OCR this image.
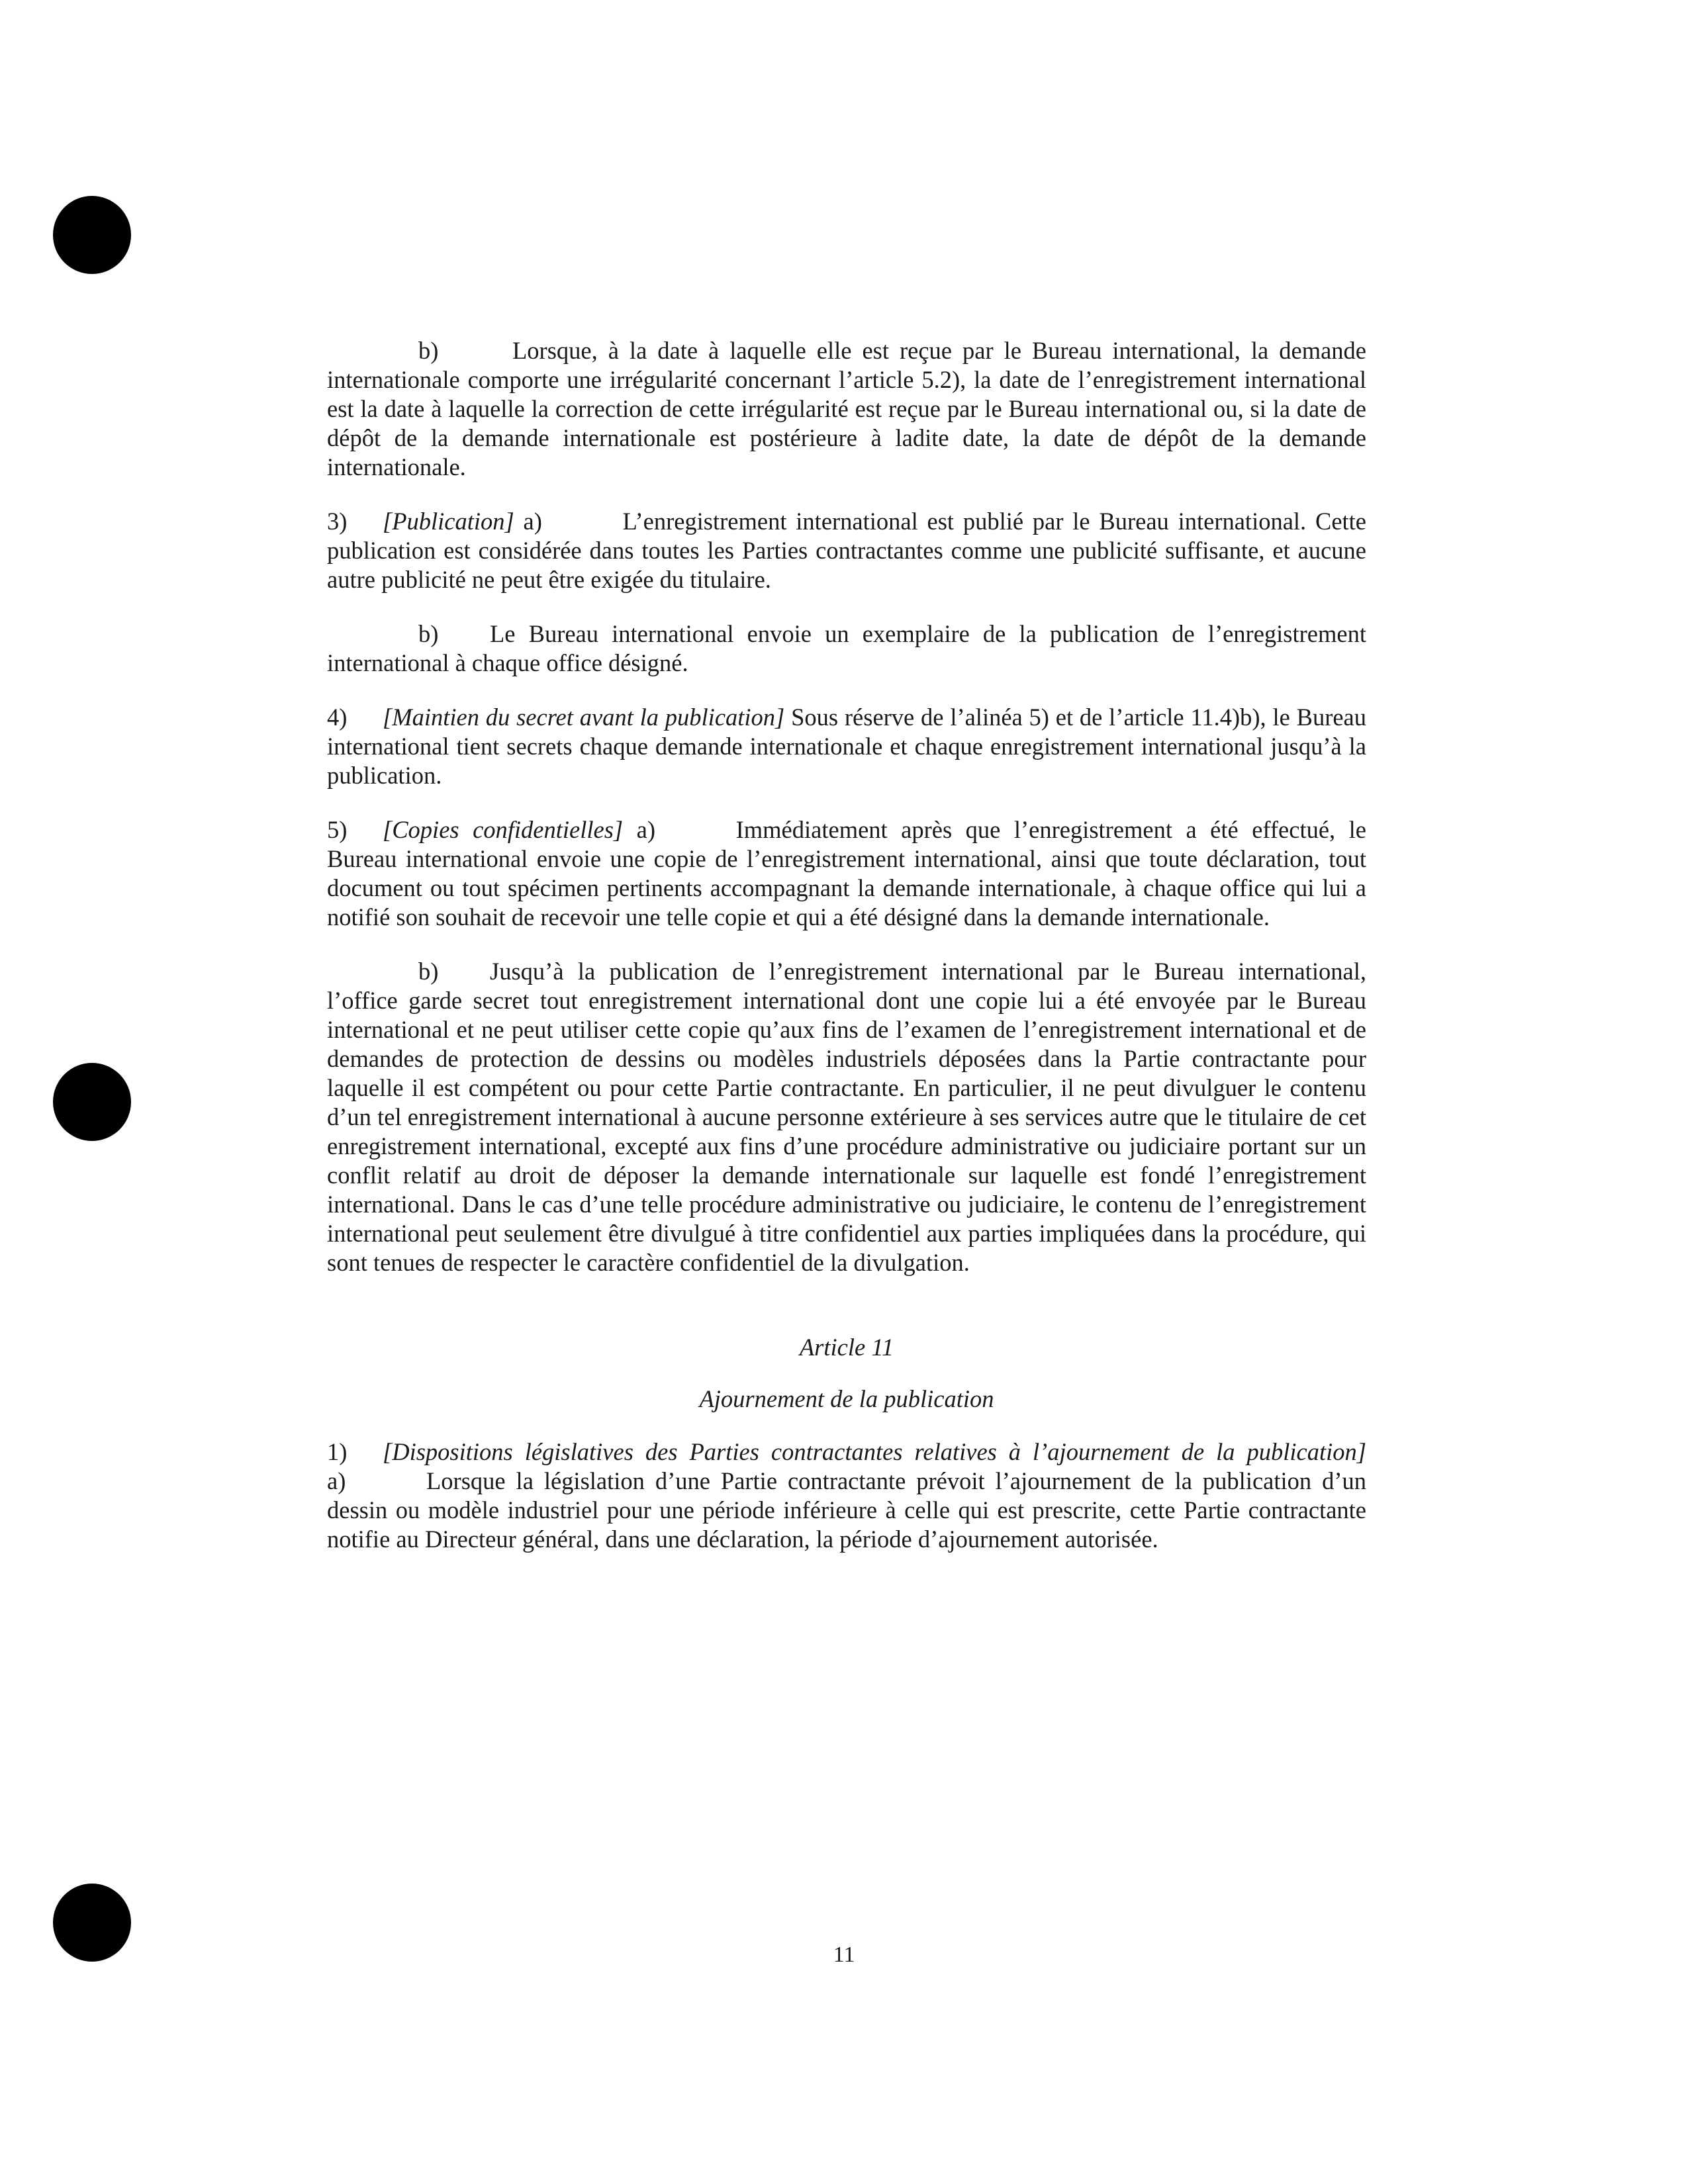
b)	Lorsque, à la date à laquelle elle est reçue par le Bureau international, la demande internationale comporte une irrégularité concernant l’article 5.2), la date de l’enregistrement international est la date à laquelle la correction de cette irrégularité est reçue par le Bureau international ou, si la date de dépôt de la demande internationale est postérieure à ladite date, la date de dépôt de la demande internationale.

3) [Publication] a)	L’enregistrement international est publié par le Bureau international. Cette publication est considérée dans toutes les Parties contractantes comme une publicité suffisante, et aucune autre publicité ne peut être exigée du titulaire.

b) Le Bureau international envoie un exemplaire de la publication de l’enregistrement international à chaque office désigné.

4) [Maintien du secret avant la publication] Sous réserve de l’alinéa 5) et de l’article 11.4)b), le Bureau international tient secrets chaque demande internationale et chaque enregistrement international jusqu’à la publication.

5) [Copies confidentielles] a)	Immédiatement après que l’enregistrement a été effectué, le Bureau international envoie une copie de l’enregistrement international, ainsi que toute déclaration, tout document ou tout spécimen pertinents accompagnant la demande internationale, à chaque office qui lui a notifié son souhait de recevoir une telle copie et qui a été désigné dans la demande internationale.

b) Jusqu’à la publication de l’enregistrement international par le Bureau international, l’office garde secret tout enregistrement international dont une copie lui a été envoyée par le Bureau international et ne peut utiliser cette copie qu’aux fins de l’examen de l’enregistrement international et de demandes de protection de dessins ou modèles industriels déposées dans la Partie contractante pour laquelle il est compétent ou pour cette Partie contractante. En particulier, il ne peut divulguer le contenu d’un tel enregistrement international à aucune personne extérieure à ses services autre que le titulaire de cet enregistrement international, excepté aux fins d’une procédure administrative ou judiciaire portant sur un conflit relatif au droit de déposer la demande internationale sur laquelle est fondé l’enregistrement international. Dans le cas d’une telle procédure administrative ou judiciaire, le contenu de l’enregistrement international peut seulement être divulgué à titre confidentiel aux parties impliquées dans la procédure, qui sont tenues de respecter le caractère confidentiel de la divulgation.

Article 11

Ajournement de la publication

1) [Dispositions législatives des Parties contractantes relatives à l’ajournement de la publication] a)	Lorsque la législation d’une Partie contractante prévoit l’ajournement de la publication d’un dessin ou modèle industriel pour une période inférieure à celle qui est prescrite, cette Partie contractante notifie au Directeur général, dans une déclaration, la période d’ajournement autorisée.

11
